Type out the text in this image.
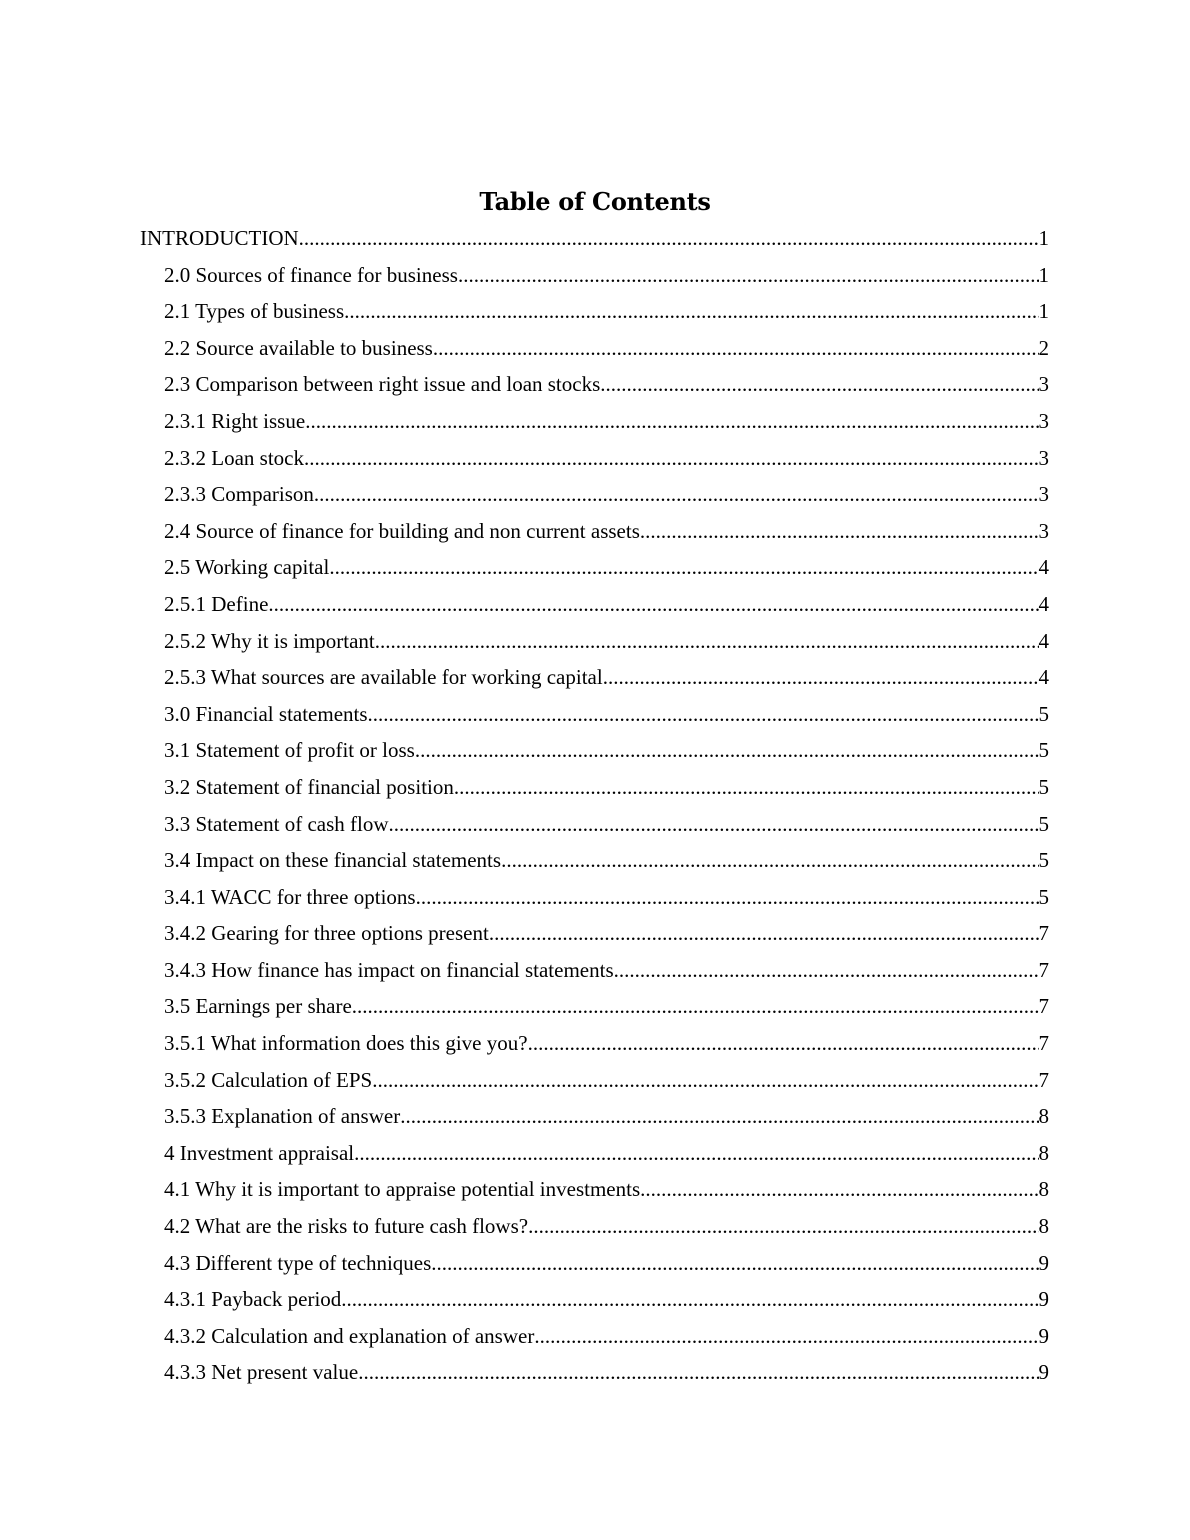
Table of Contents
INTRODUCTION .....	1
2.0 Sources of finance for business .....	1
2.1 Types of business .....	1
2.2 Source available to business .....	2
2.3 Comparison between right issue and loan stocks .....	3
2.3.1 Right issue .....	3
2.3.2 Loan stock .....	3
2.3.3 Comparison .....	3
2.4 Source of finance for building and non current assets .....	3
2.5 Working capital .....	4
2.5.1 Define .....	4
2.5.2 Why it is important .....	4
2.5.3 What sources are available for working capital .....	4
3.0 Financial statements .....	5
3.1 Statement of profit or loss .....	5
3.2 Statement of financial position .....	5
3.3 Statement of cash flow .....	5
3.4 Impact on these financial statements .....	5
3.4.1 WACC for three options .....	5
3.4.2 Gearing for three options present .....	7
3.4.3 How finance has impact on financial statements .....	7
3.5 Earnings per share .....	7
3.5.1 What information does this give you? .....	7
3.5.2 Calculation of EPS .....	7
3.5.3 Explanation of answer .....	8
4 Investment appraisal .....	8
4.1 Why it is important to appraise potential investments .....	8
4.2 What are the risks to future cash flows? .....	8
4.3 Different type of techniques .....	9
4.3.1 Payback period .....	9
4.3.2 Calculation and explanation of answer .....	9
4.3.3 Net present value .....	9
